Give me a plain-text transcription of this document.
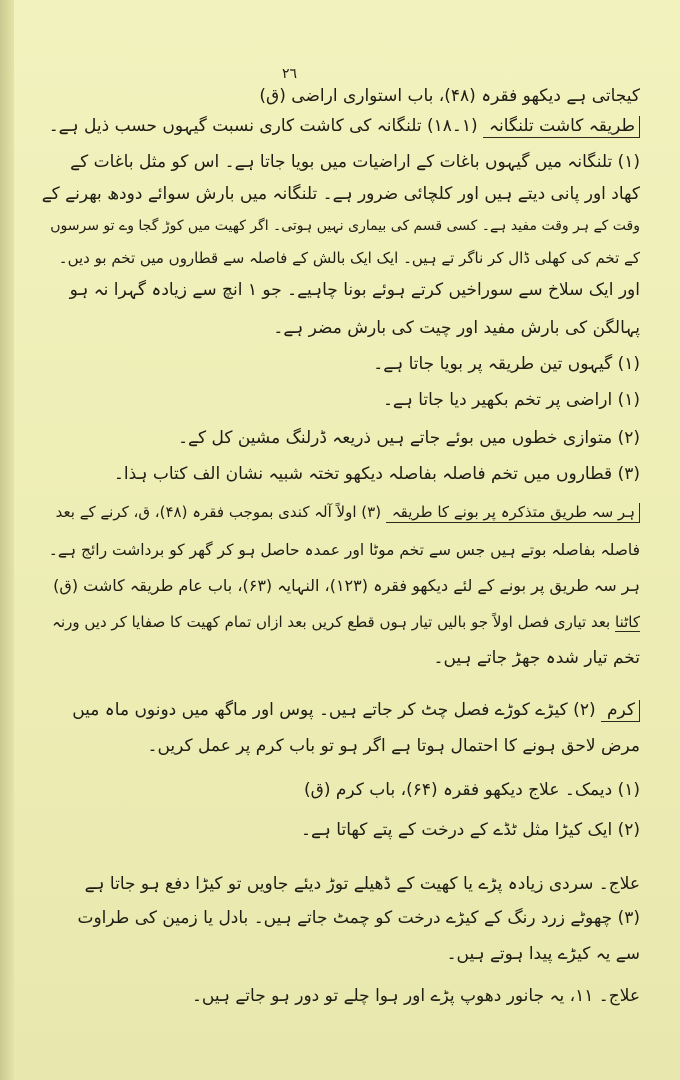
۲٦
کیجاتی ہے دیکھو فقرہ (۴۸)، باب استواری اراضی (ق)
طریقہ کاشت تلنگانہ (۱۔۱۸) تلنگانہ کی کاشت کاری نسبت گیہوں حسب ذیل ہے۔
(۱) تلنگانہ میں گیہوں باغات کے اراضیات میں بویا جاتا ہے۔ اس کو مثل باغات کے
کھاد اور پانی دیتے ہیں اور کلچائی ضرور ہے۔ تلنگانہ میں بارش سوائے دودھ بھرنے کے
وقت کے ہر وقت مفید ہے۔ کسی قسم کی بیماری نہیں ہوتی۔ اگر کھیت میں کوڑ گجا وے تو سرسوں
کے تخم کی کھلی ڈال کر ناگر تے ہیں۔ ایک ایک بالش کے فاصلہ سے قطاروں میں تخم بو دیں۔
اور ایک سلاخ سے سوراخیں کرتے ہوئے بونا چاہیے۔ جو ۱ انچ سے زیادہ گہرا نہ ہو
پہالگن کی بارش مفید اور چیت کی بارش مضر ہے۔
(۱) گیہوں تین طریقہ پر بویا جاتا ہے۔
(۱) اراضی پر تخم بکھیر دیا جاتا ہے۔
(۲) متوازی خطوں میں بوئے جاتے ہیں ذریعہ ڈرلنگ مشین کل کے۔
(۳) قطاروں میں تخم فاصلہ بفاصلہ دیکھو تختہ شبیہ نشان الف کتاب ہذا۔
ہر سہ طریق متذکرہ پر بونے کا طریقہ (۳) اولاً آلہ کندی بموجب فقرہ (۴۸)، ق، کرنے کے بعد
فاصلہ بفاصلہ بوتے ہیں جس سے تخم موٹا اور عمدہ حاصل ہو کر گھر کو برداشت رائج ہے۔
ہر سہ طریق پر بونے کے لئے دیکھو فقرہ (۱۲۳)، النہایہ (۶۳)، باب عام طریقہ کاشت (ق)
کاٹنا بعد تیاری فصل اولاً جو بالیں تیار ہوں قطع کریں بعد ازاں تمام کھیت کا صفایا کر دیں ورنہ
تخم تیار شدہ جھڑ جاتے ہیں۔
کرم (۲) کیڑے کوڑے فصل چٹ کر جاتے ہیں۔ پوس اور ماگھ میں دونوں ماہ میں
مرض لاحق ہونے کا احتمال ہوتا ہے اگر ہو تو باب کرم پر عمل کریں۔
(۱) دیمک۔ علاج دیکھو فقرہ (۶۴)، باب کرم (ق)
(۲) ایک کیڑا مثل ٹڈے کے درخت کے پتے کھاتا ہے۔
علاج۔ سردی زیادہ پڑے یا کھیت کے ڈھیلے توڑ دیئے جاویں تو کیڑا دفع ہو جاتا ہے
(۳) چھوٹے زرد رنگ کے کیڑے درخت کو چمٹ جاتے ہیں۔ بادل یا زمین کی طراوت
سے یہ کیڑے پیدا ہوتے ہیں۔
علاج۔ ۱۱، یہ جانور دھوپ پڑے اور ہوا چلے تو دور ہو جاتے ہیں۔
